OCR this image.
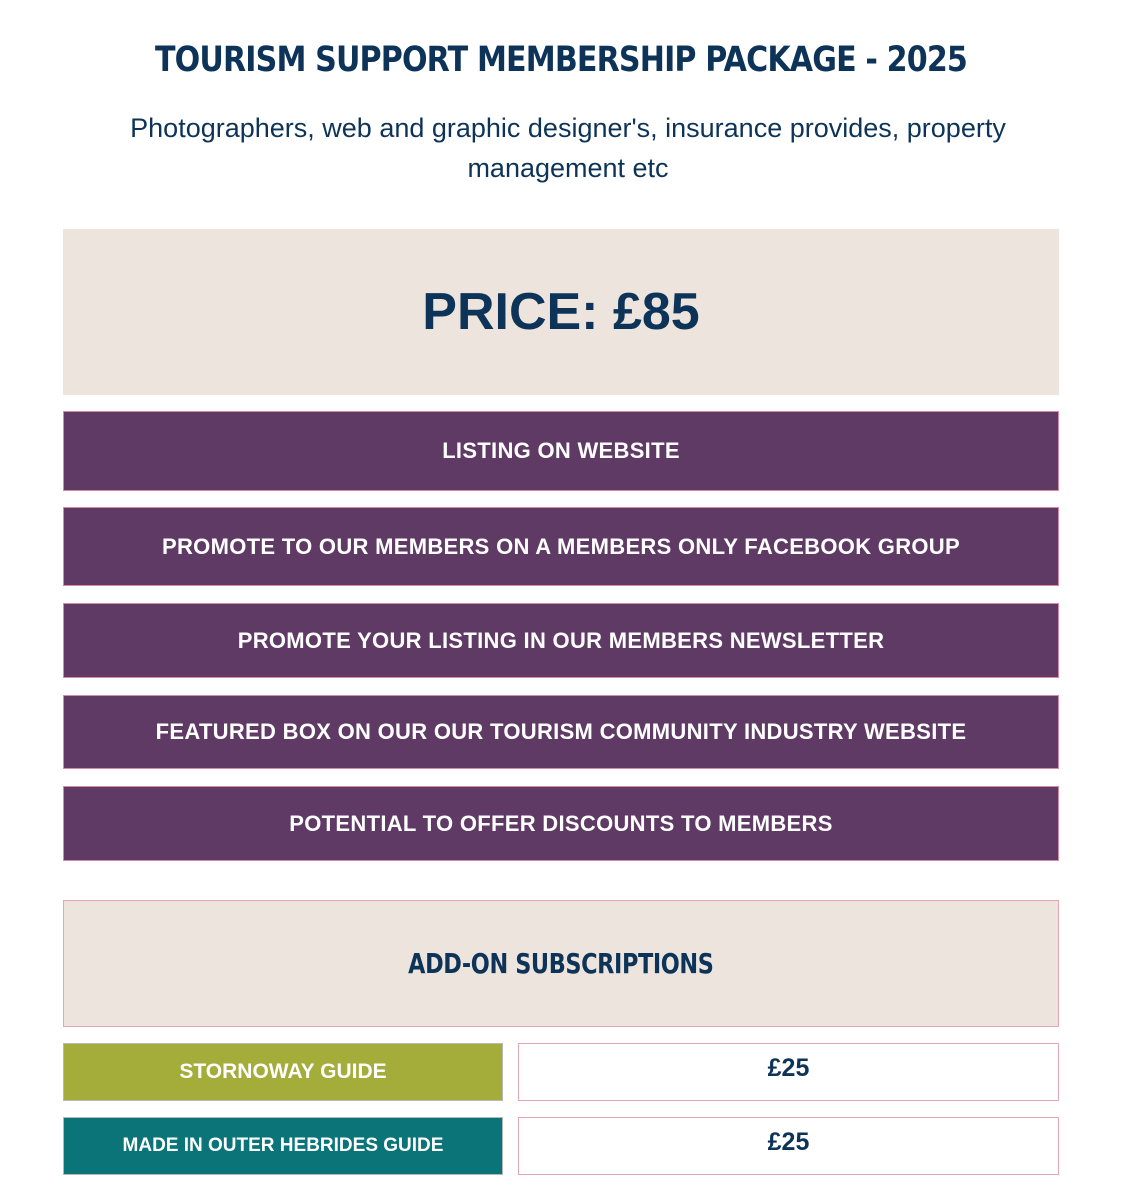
TOURISM SUPPORT MEMBERSHIP PACKAGE - 2025
Photographers, web and graphic designer's, insurance provides, property management etc
PRICE: £85
LISTING ON WEBSITE
PROMOTE TO OUR MEMBERS ON A MEMBERS ONLY FACEBOOK GROUP
PROMOTE YOUR LISTING IN OUR MEMBERS NEWSLETTER
FEATURED BOX ON OUR OUR TOURISM COMMUNITY INDUSTRY WEBSITE
POTENTIAL TO OFFER DISCOUNTS TO MEMBERS
ADD-ON SUBSCRIPTIONS
STORNOWAY GUIDE	£25
MADE IN OUTER HEBRIDES GUIDE	£25
